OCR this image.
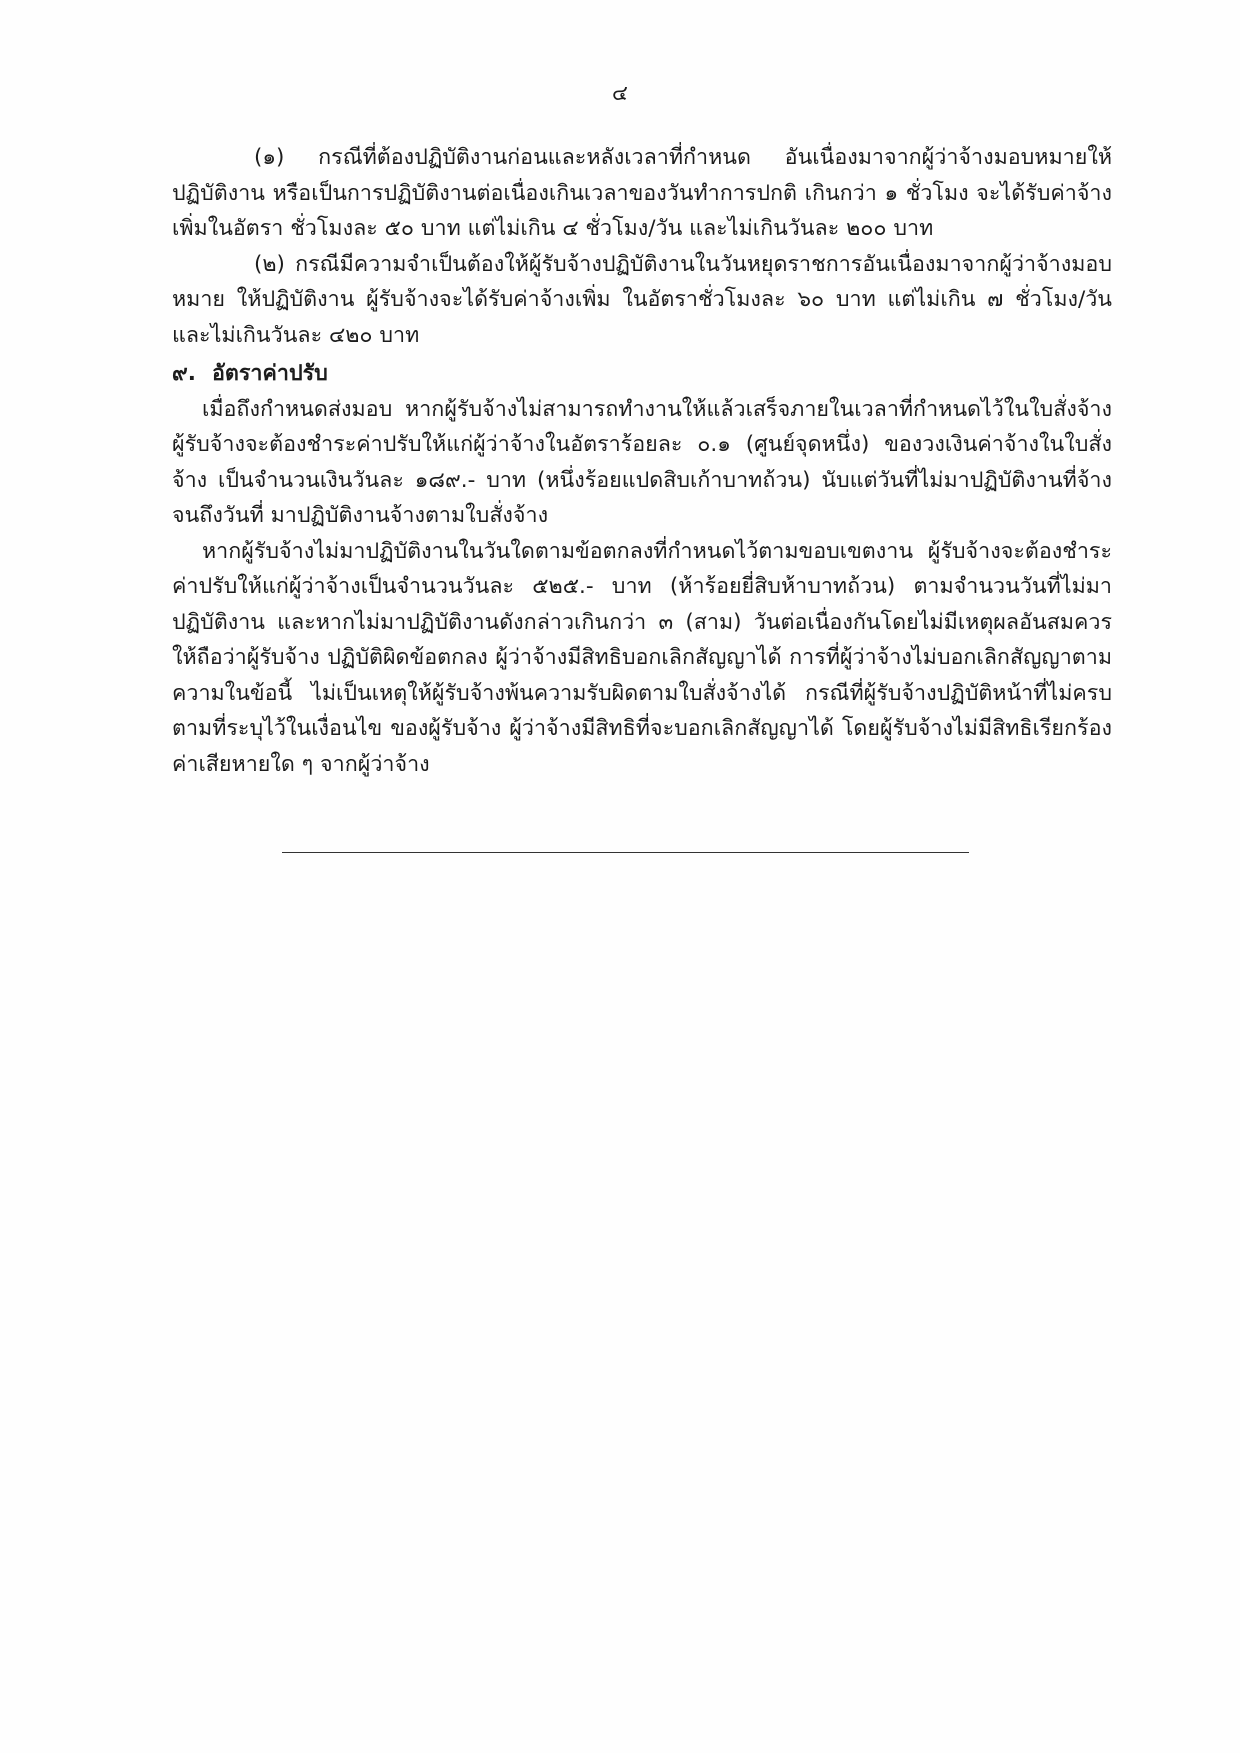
๔

(๑) กรณีที่ต้องปฏิบัติงานก่อนและหลังเวลาที่กำหนด อันเนื่องมาจากผู้ว่าจ้างมอบหมายให้ปฏิบัติงาน หรือเป็นการปฏิบัติงานต่อเนื่องเกินเวลาของวันทำการปกติ เกินกว่า ๑ ชั่วโมง จะได้รับค่าจ้างเพิ่มในอัตรา ชั่วโมงละ ๕๐ บาท แต่ไม่เกิน ๔ ชั่วโมง/วัน และไม่เกินวันละ ๒๐๐ บาท

(๒) กรณีมีความจำเป็นต้องให้ผู้รับจ้างปฏิบัติงานในวันหยุดราชการอันเนื่องมาจากผู้ว่าจ้างมอบหมาย ให้ปฏิบัติงาน ผู้รับจ้างจะได้รับค่าจ้างเพิ่ม ในอัตราชั่วโมงละ ๖๐ บาท แต่ไม่เกิน ๗ ชั่วโมง/วัน และไม่เกินวันละ ๔๒๐ บาท

๙. อัตราค่าปรับ

เมื่อถึงกำหนดส่งมอบ หากผู้รับจ้างไม่สามารถทำงานให้แล้วเสร็จภายในเวลาที่กำหนดไว้ในใบสั่งจ้าง ผู้รับจ้างจะต้องชำระค่าปรับให้แก่ผู้ว่าจ้างในอัตราร้อยละ ๐.๑ (ศูนย์จุดหนึ่ง) ของวงเงินค่าจ้างในใบสั่งจ้าง เป็นจำนวนเงินวันละ ๑๘๙.- บาท (หนึ่งร้อยแปดสิบเก้าบาทถ้วน) นับแต่วันที่ไม่มาปฏิบัติงานที่จ้างจนถึงวันที่ มาปฏิบัติงานจ้างตามใบสั่งจ้าง

หากผู้รับจ้างไม่มาปฏิบัติงานในวันใดตามข้อตกลงที่กำหนดไว้ตามขอบเขตงาน ผู้รับจ้างจะต้องชำระ ค่าปรับให้แก่ผู้ว่าจ้างเป็นจำนวนวันละ ๕๒๕.- บาท (ห้าร้อยยี่สิบห้าบาทถ้วน) ตามจำนวนวันที่ไม่มาปฏิบัติงาน และหากไม่มาปฏิบัติงานดังกล่าวเกินกว่า ๓ (สาม) วันต่อเนื่องกันโดยไม่มีเหตุผลอันสมควร ให้ถือว่าผู้รับจ้าง ปฏิบัติผิดข้อตกลง ผู้ว่าจ้างมีสิทธิบอกเลิกสัญญาได้ การที่ผู้ว่าจ้างไม่บอกเลิกสัญญาตามความในข้อนี้ ไม่เป็นเหตุให้ผู้รับจ้างพ้นความรับผิดตามใบสั่งจ้างได้ กรณีที่ผู้รับจ้างปฏิบัติหน้าที่ไม่ครบตามที่ระบุไว้ในเงื่อนไข ของผู้รับจ้าง ผู้ว่าจ้างมีสิทธิที่จะบอกเลิกสัญญาได้ โดยผู้รับจ้างไม่มีสิทธิเรียกร้องค่าเสียหายใด ๆ จากผู้ว่าจ้าง
